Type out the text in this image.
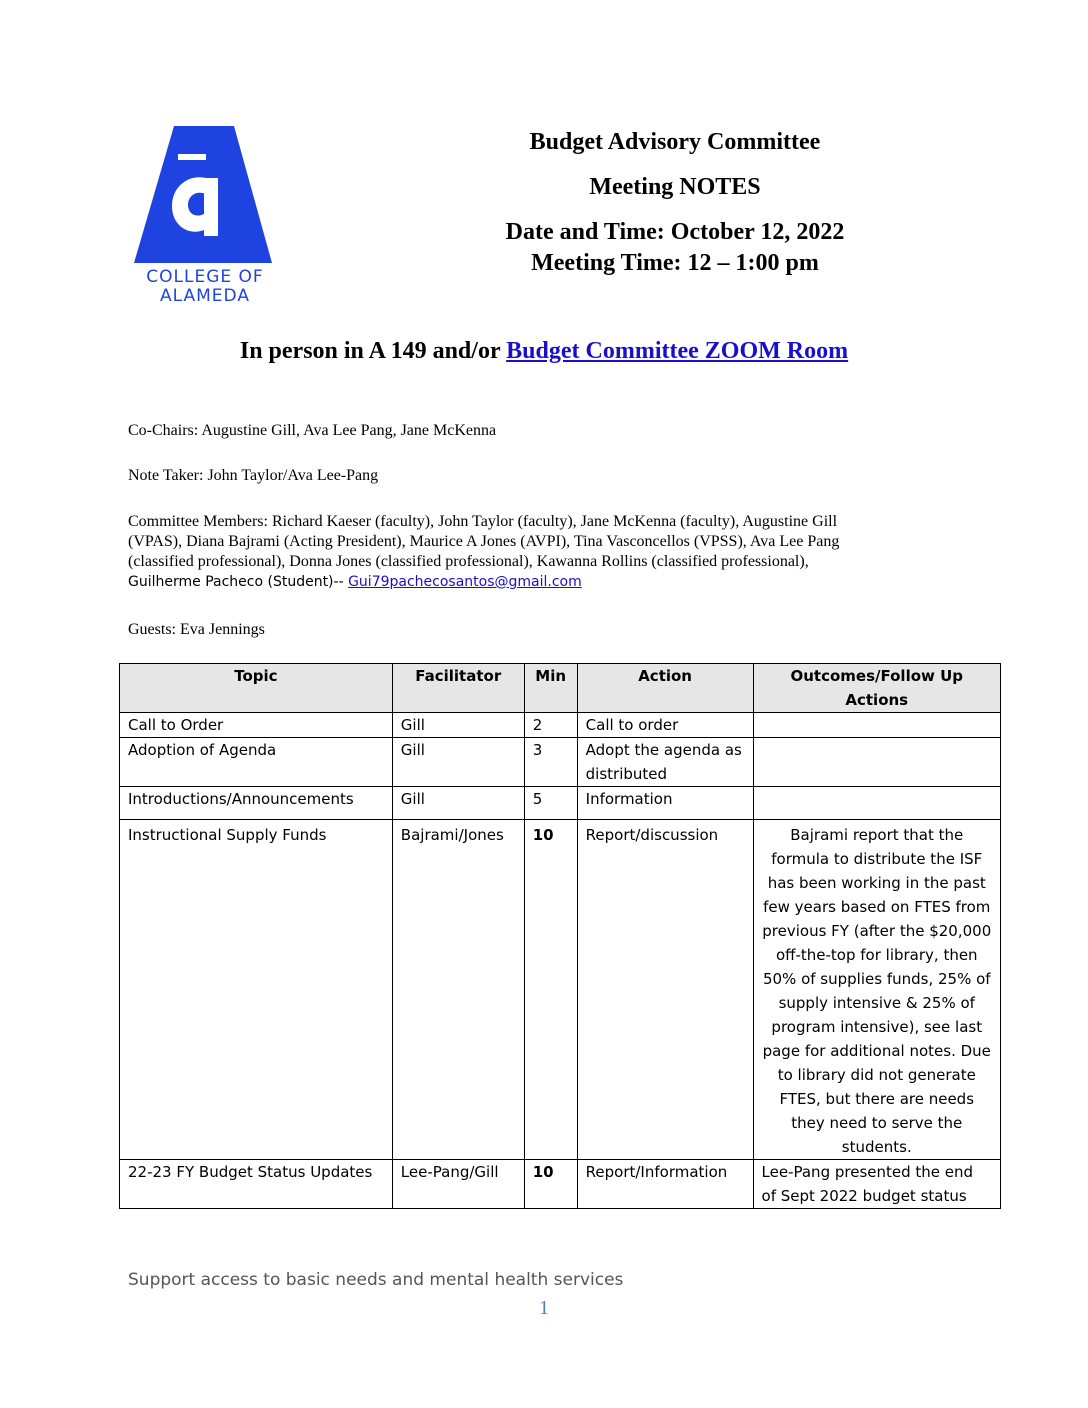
COLLEGE OF
ALAMEDA
Budget Advisory Committee
Meeting NOTES
Date and Time: October 12, 2022
Meeting Time: 12 – 1:00 pm
In person in A 149 and/or Budget Committee ZOOM Room
Co-Chairs: Augustine Gill, Ava Lee Pang, Jane McKenna
Note Taker: John Taylor/Ava Lee-Pang
Committee Members: Richard Kaeser (faculty), John Taylor (faculty), Jane McKenna (faculty), Augustine Gill
(VPAS), Diana Bajrami (Acting President), Maurice A Jones (AVPI), Tina Vasconcellos (VPSS), Ava Lee Pang
(classified professional), Donna Jones (classified professional), Kawanna Rollins (classified professional),
Guilherme Pacheco (Student)-- Gui79pachecosantos@gmail.com
Guests: Eva Jennings
Topic	Facilitator	Min	Action	Outcomes/Follow Up Actions
Call to Order	Gill	2	Call to order	
Adoption of Agenda	Gill	3	Adopt the agenda as distributed	
Introductions/Announcements	Gill	5	Information	
Instructional Supply Funds	Bajrami/Jones	10	Report/discussion	Bajrami report that the formula to distribute the ISF has been working in the past few years based on FTES from previous FY (after the $20,000 off-the-top for library, then 50% of supplies funds, 25% of supply intensive & 25% of program intensive), see last page for additional notes. Due to library did not generate FTES, but there are needs they need to serve the students.
22-23 FY Budget Status Updates	Lee-Pang/Gill	10	Report/Information	Lee-Pang presented the end of Sept 2022 budget status
Support access to basic needs and mental health services
1
